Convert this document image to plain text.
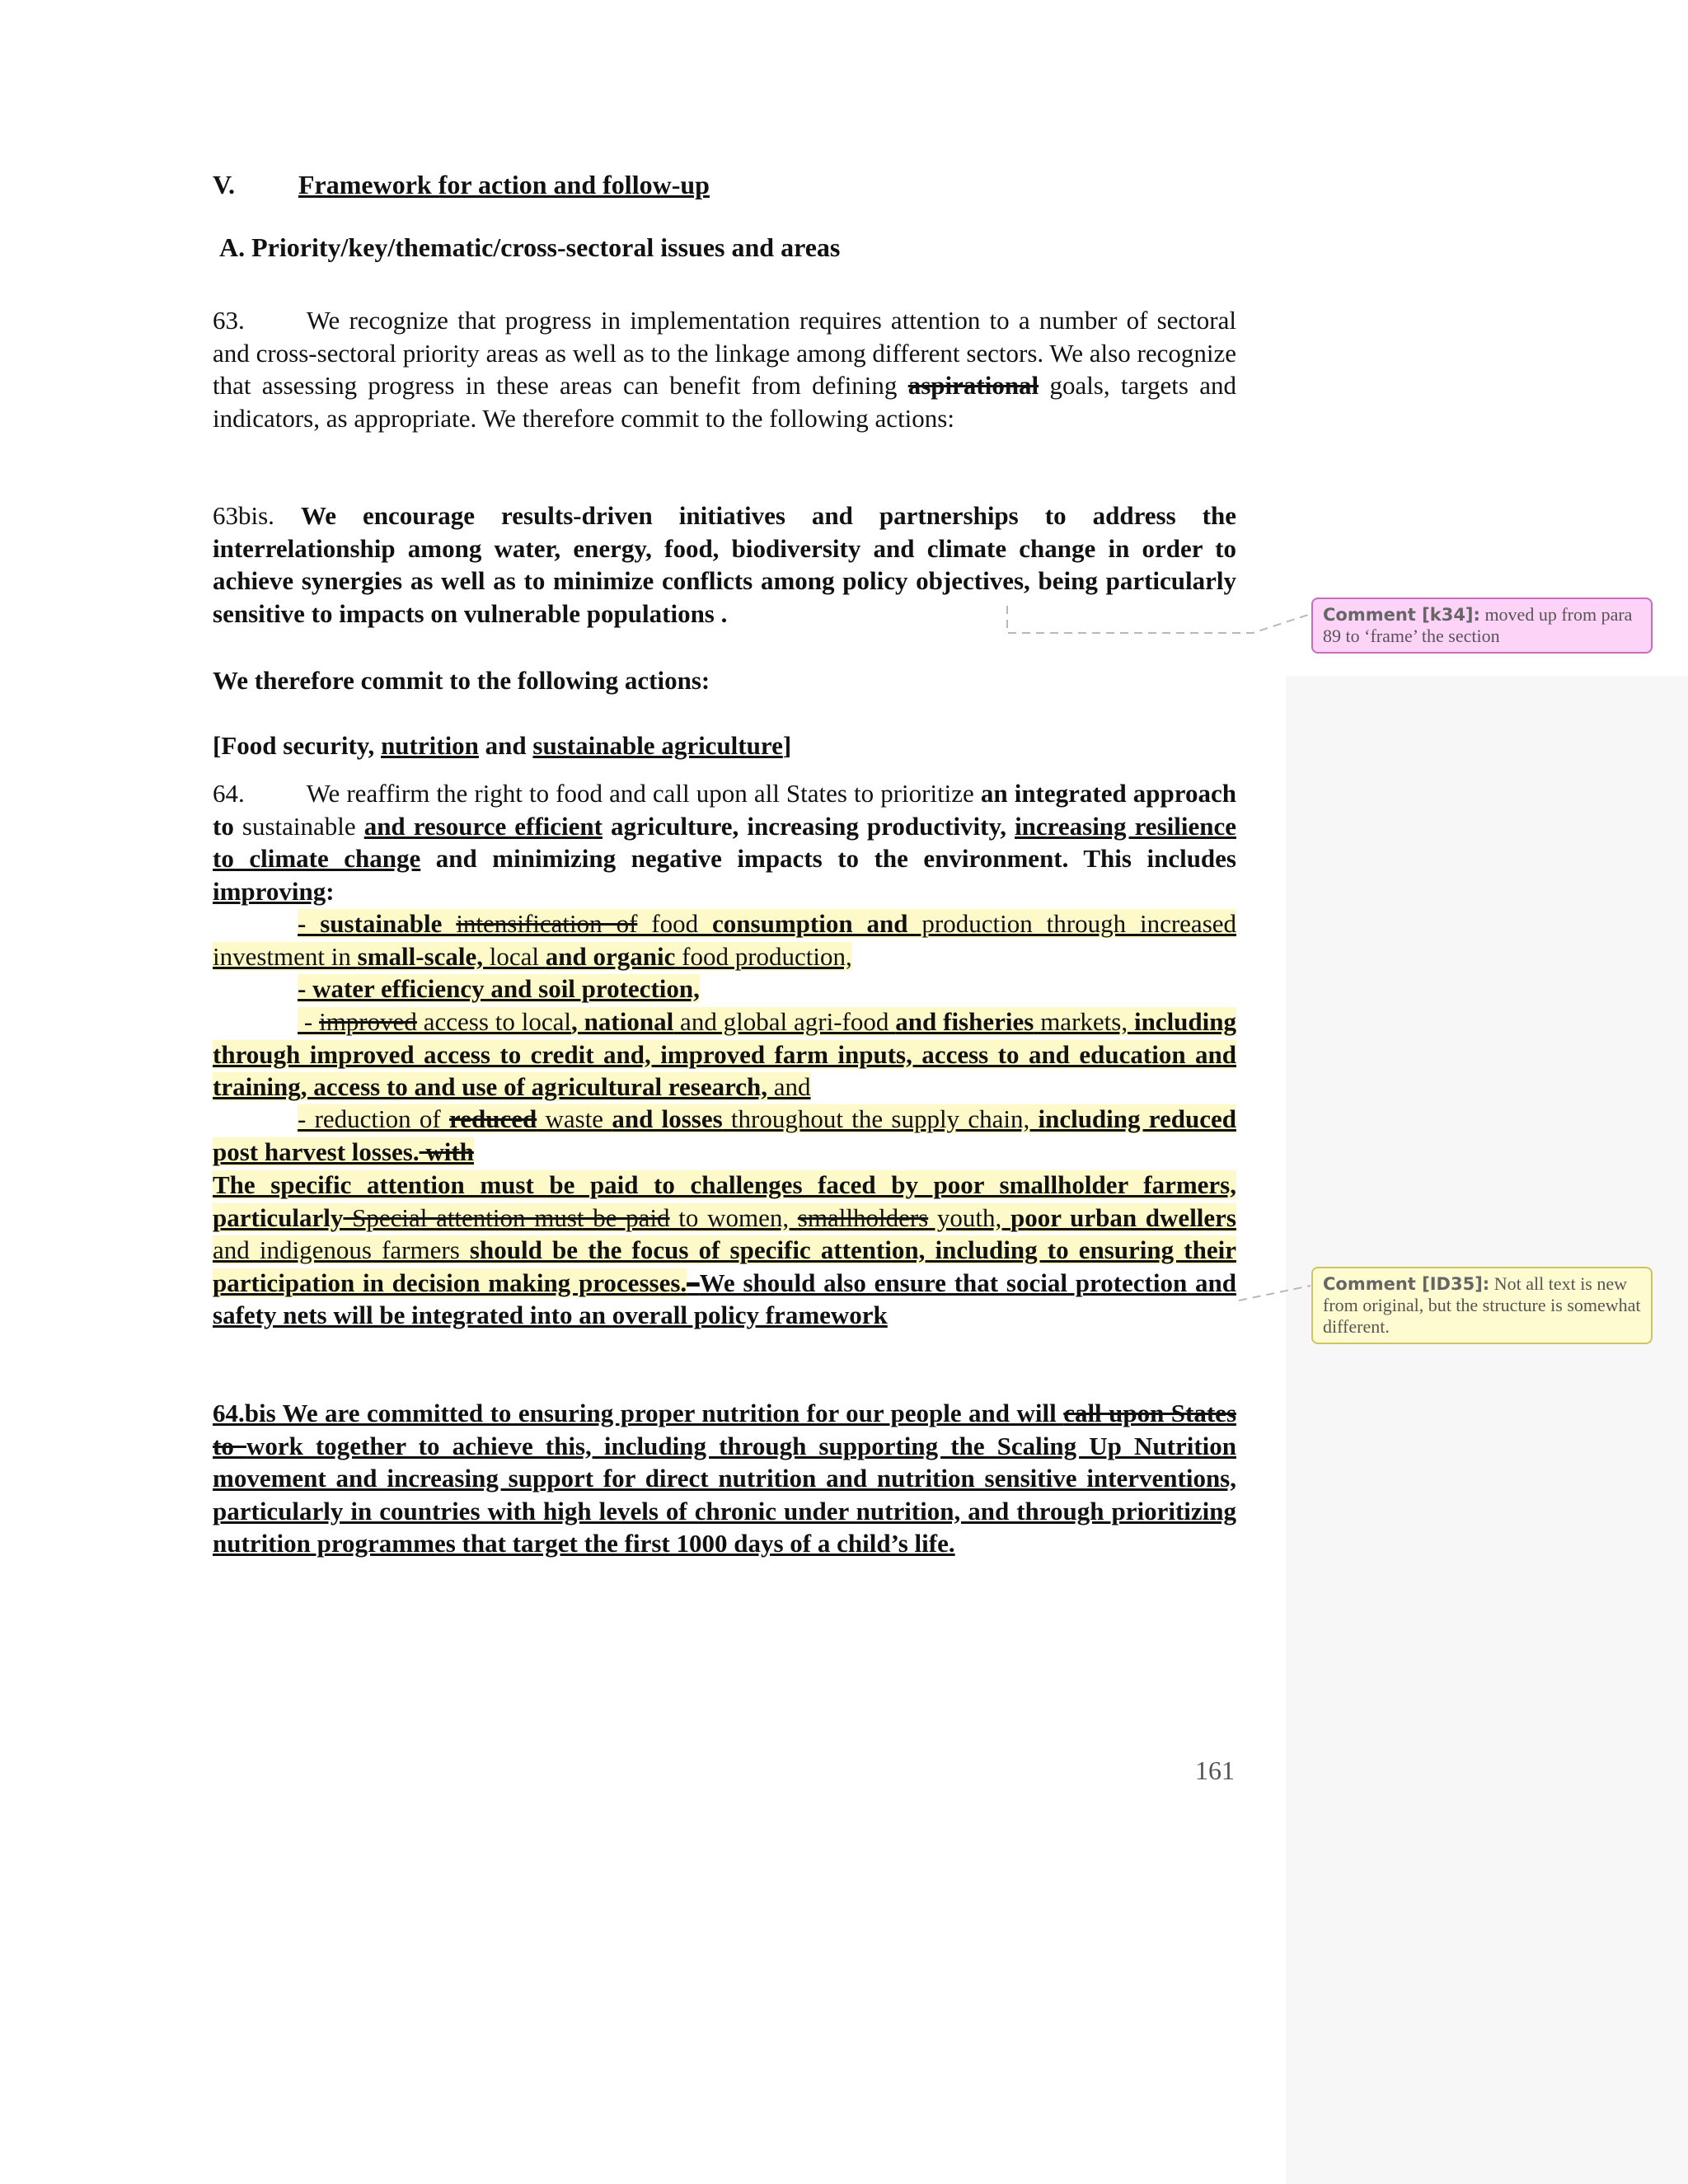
V. Framework for action and follow-up
A. Priority/key/thematic/cross-sectoral issues and areas
63. We recognize that progress in implementation requires attention to a number of sectoral and cross-sectoral priority areas as well as to the linkage among different sectors. We also recognize that assessing progress in these areas can benefit from defining aspirational goals, targets and indicators, as appropriate. We therefore commit to the following actions:
63bis. We encourage results-driven initiatives and partnerships to address the interrelationship among water, energy, food, biodiversity and climate change in order to achieve synergies as well as to minimize conflicts among policy objectives, being particularly sensitive to impacts on vulnerable populations .
We therefore commit to the following actions:
[Food security, nutrition and sustainable agriculture]
64. We reaffirm the right to food and call upon all States to prioritize an integrated approach to sustainable and resource efficient agriculture, increasing productivity, increasing resilience to climate change and minimizing negative impacts to the environment. This includes improving:
- sustainable intensification of food consumption and production through increased investment in small-scale, local and organic food production,
- water efficiency and soil protection,
- improved access to local, national and global agri-food and fisheries markets, including through improved access to credit and, improved farm inputs, access to and education and training, access to and use of agricultural research, and
- reduction of reduced waste and losses throughout the supply chain, including reduced post harvest losses. with
The specific attention must be paid to challenges faced by poor smallholder farmers, particularly Special attention must be paid to women, smallholders youth, poor urban dwellers and indigenous farmers should be the focus of specific attention, including to ensuring their participation in decision making processes.–We should also ensure that social protection and safety nets will be integrated into an overall policy framework
64.bis We are committed to ensuring proper nutrition for our people and will call upon States to work together to achieve this, including through supporting the Scaling Up Nutrition movement and increasing support for direct nutrition and nutrition sensitive interventions, particularly in countries with high levels of chronic under nutrition, and through prioritizing nutrition programmes that target the first 1000 days of a child’s life.
Comment [k34]: moved up from para 89 to ‘frame’ the section
Comment [ID35]: Not all text is new from original, but the structure is somewhat different.
161
